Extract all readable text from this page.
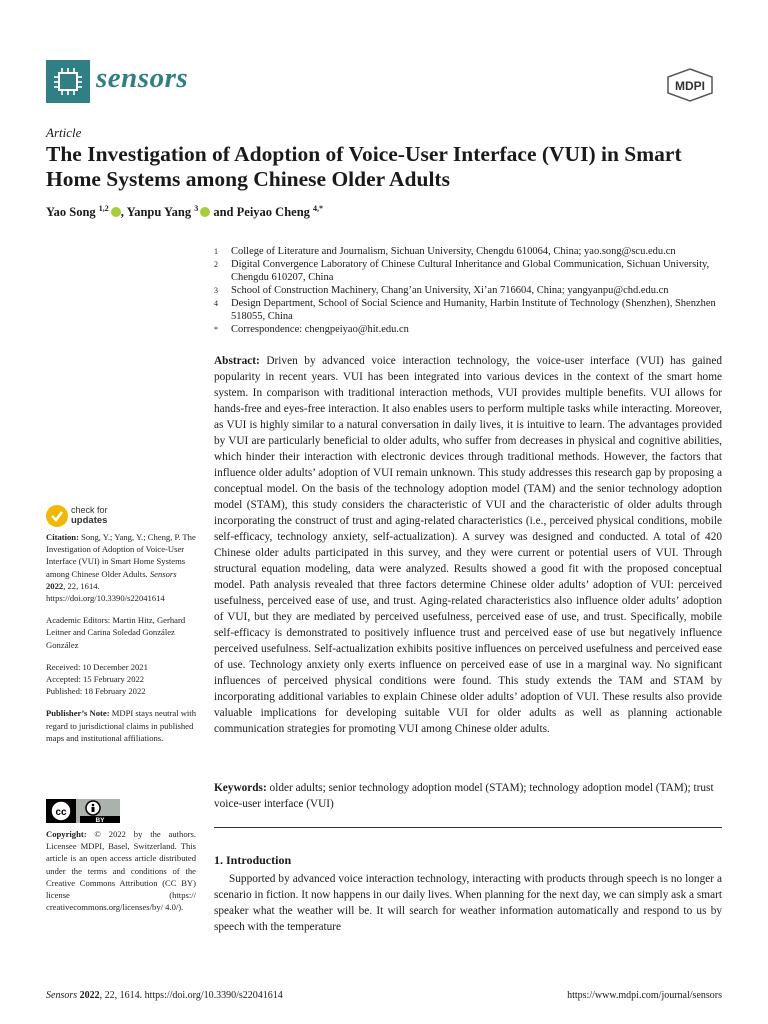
sensors	MDPI
Article
The Investigation of Adoption of Voice-User Interface (VUI) in Smart Home Systems among Chinese Older Adults
Yao Song $^{1,2}$ , Yanpu Yang $^3$ and Peiyao Cheng $^{4,*}$
1	College of Literature and Journalism, Sichuan University, Chengdu 610064, China; yao.song@scu.edu.cn
2	Digital Convergence Laboratory of Chinese Cultural Inheritance and Global Communication, Sichuan University, Chengdu 610207, China
3	School of Construction Machinery, Chang’an University, Xi’an 716604, China; yangyanpu@chd.edu.cn
4	Design Department, School of Social Science and Humanity, Harbin Institute of Technology (Shenzhen), Shenzhen 518055, China
*	Correspondence: chengpeiyao@hit.edu.cn
Abstract: Driven by advanced voice interaction technology, the voice-user interface (VUI) has gained popularity in recent years. VUI has been integrated into various devices in the context of the smart home system. In comparison with traditional interaction methods, VUI provides multiple benefits. VUI allows for hands-free and eyes-free interaction. It also enables users to perform multiple tasks while interacting. Moreover, as VUI is highly similar to a natural conversation in daily lives, it is intuitive to learn. The advantages provided by VUI are particularly beneficial to older adults, who suffer from decreases in physical and cognitive abilities, which hinder their interaction with electronic devices through traditional methods. However, the factors that influence older adults’ adoption of VUI remain unknown. This study addresses this research gap by proposing a conceptual model. On the basis of the technology adoption model (TAM) and the senior technology adoption model (STAM), this study considers the characteristic of VUI and the characteristic of older adults through incorporating the construct of trust and aging-related characteristics (i.e., perceived physical conditions, mobile self-efficacy, technology anxiety, self-actualization). A survey was designed and conducted. A total of 420 Chinese older adults participated in this survey, and they were current or potential users of VUI. Through structural equation modeling, data were analyzed. Results showed a good fit with the proposed conceptual model. Path analysis revealed that three factors determine Chinese older adults’ adoption of VUI: perceived usefulness, perceived ease of use, and trust. Aging-related characteristics also influence older adults’ adoption of VUI, but they are mediated by perceived usefulness, perceived ease of use, and trust. Specifically, mobile self-efficacy is demonstrated to positively influence trust and perceived ease of use but negatively influence perceived usefulness. Self-actualization exhibits positive influences on perceived usefulness and perceived ease of use. Technology anxiety only exerts influence on perceived ease of use in a marginal way. No significant influences of perceived physical conditions were found. This study extends the TAM and STAM by incorporating additional variables to explain Chinese older adults’ adoption of VUI. These results also provide valuable implications for developing suitable VUI for older adults as well as planning actionable communication strategies for promoting VUI among Chinese older adults.
Keywords: older adults; senior technology adoption model (STAM); technology adoption model (TAM); trust voice-user interface (VUI)
1. Introduction
Supported by advanced voice interaction technology, interacting with products through speech is no longer a scenario in fiction. It now happens in our daily lives. When planning for the next day, we can simply ask a smart speaker what the weather will be. It will search for weather information automatically and respond to us by speech with the temperature
check for
updates
Citation: Song, Y.; Yang, Y.; Cheng, P. The Investigation of Adoption of Voice-User Interface (VUI) in Smart Home Systems among Chinese Older Adults. Sensors 2022, 22, 1614. https://doi.org/10.3390/s22041614
Academic Editors: Martin Hitz, Gerhard Leitner and Carina Soledad González González
Received: 10 December 2021
Accepted: 15 February 2022
Published: 18 February 2022
Publisher’s Note: MDPI stays neutral with regard to jurisdictional claims in published maps and institutional affiliations.
cc
BY
Copyright: © 2022 by the authors. Licensee MDPI, Basel, Switzerland. This article is an open access article distributed under the terms and conditions of the Creative Commons Attribution (CC BY) license (https:// creativecommons.org/licenses/by/ 4.0/).
Sensors 2022, 22, 1614. https://doi.org/10.3390/s22041614	https://www.mdpi.com/journal/sensors
